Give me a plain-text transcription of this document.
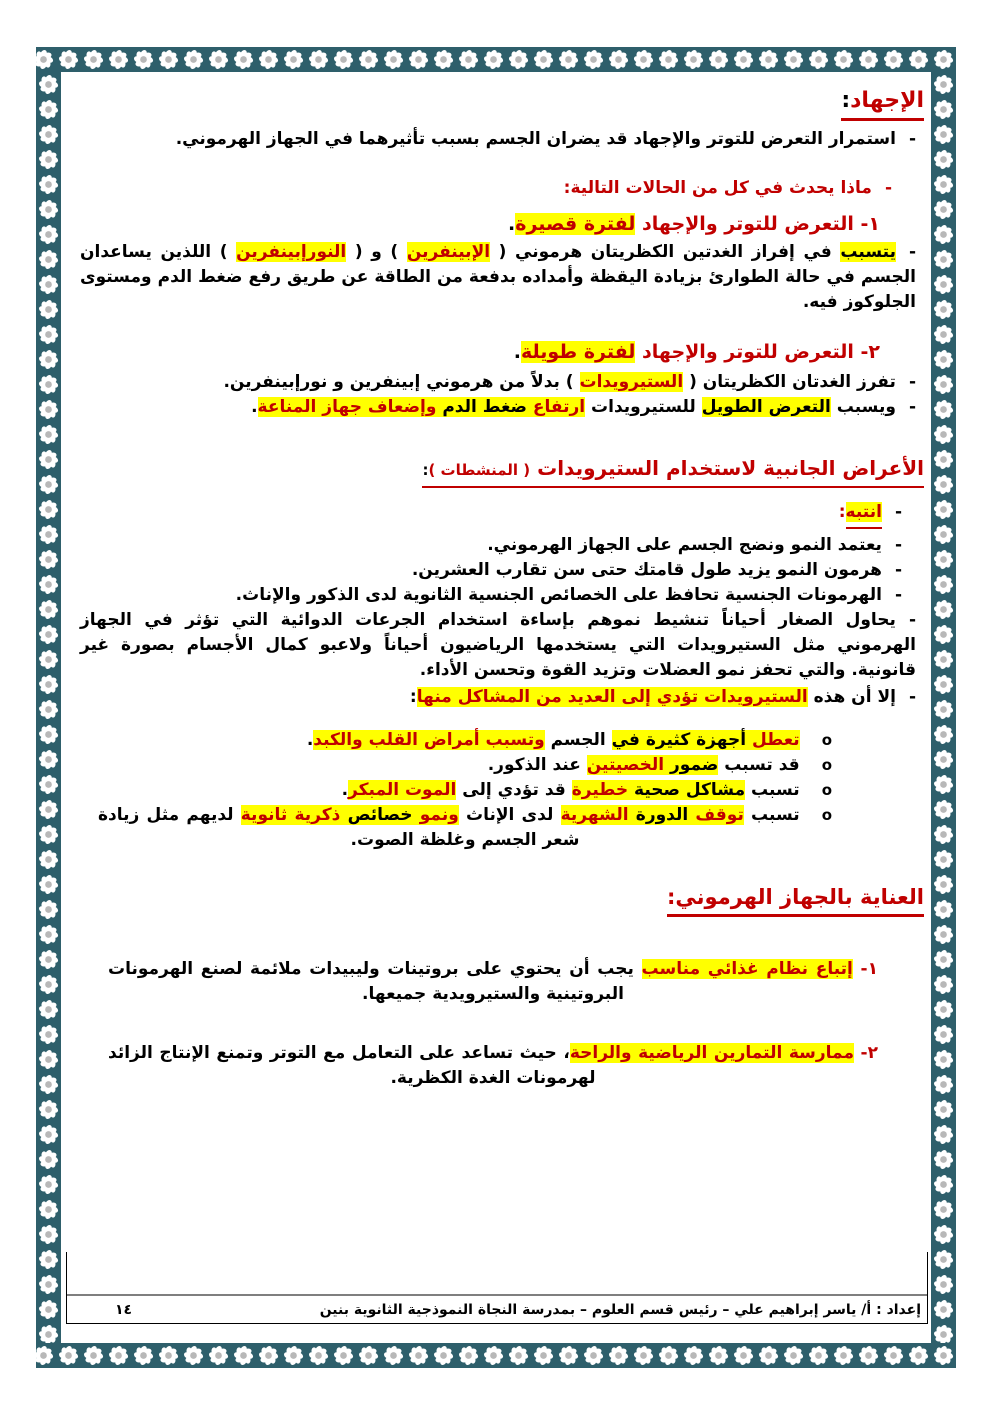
الإجهاد:
-استمرار التعرض للتوتر والإجهاد قد يضران الجسم بسبب تأثيرهما في الجهاز الهرموني.
-ماذا يحدث في كل من الحالات التالية:
١- التعرض للتوتر والإجهاد لفترة قصيرة.
-يتسبب في إفراز الغدتين الكظريتان هرموني ( الإبينفرين ) و ( النورإبينفرين ) اللذين يساعدان الجسم في حالة الطوارئ بزيادة اليقظة وأمداده بدفعة من الطاقة عن طريق رفع ضغط الدم ومستوى الجلوكوز فيه.
٢- التعرض للتوتر والإجهاد لفترة طويلة.
-تفرز الغدتان الكظريتان ( الستيرويدات ) بدلاً من هرموني إبينفرين و نورإبينفرين.
-ويسبب التعرض الطويل للستيرويدات ارتفاع ضغط الدم وإضعاف جهاز المناعة.
الأعراض الجانبية لاستخدام الستيرويدات ( المنشطات ):
-انتبه:
-يعتمد النمو ونضج الجسم على الجهاز الهرموني.
-هرمون النمو يزيد طول قامتك حتى سن تقارب العشرين.
-الهرمونات الجنسية تحافظ على الخصائص الجنسية الثانوية لدى الذكور والإناث.
-يحاول الصغار أحياناً تنشيط نموهم بإساءة استخدام الجرعات الدوائية التي تؤثر في الجهاز الهرموني مثل الستيرويدات التي يستخدمها الرياضيون أحياناً ولاعبو كمال الأجسام بصورة غير قانونية. والتي تحفز نمو العضلات وتزيد القوة وتحسن الأداء.
-إلا أن هذه الستيرويدات تؤدي إلى العديد من المشاكل منها:
oتعطل أجهزة كثيرة في الجسم وتسبب أمراض القلب والكبد.
oقد تسبب ضمور الخصيتين عند الذكور.
oتسبب مشاكل صحية خطيرة قد تؤدي إلى الموت المبكر.
oتسبب توقف الدورة الشهرية لدى الإناث ونمو خصائص ذكرية ثانوية لديهم مثل زيادة شعر الجسم وغلظة الصوت.
العناية بالجهاز الهرموني:
١- إتباع نظام غذائي مناسب يجب أن يحتوي على بروتينات وليبيدات ملائمة لصنع الهرمونات البروتينية والستيرويدية جميعها.
٢- ممارسة التمارين الرياضية والراحة، حيث تساعد على التعامل مع التوتر وتمنع الإنتاج الزائد لهرمونات الغدة الكظرية.
إعداد : أ/ ياسر إبراهيم علي – رئيس قسم العلوم – بمدرسة النجاة النموذجية الثانوية بنين
١٤
